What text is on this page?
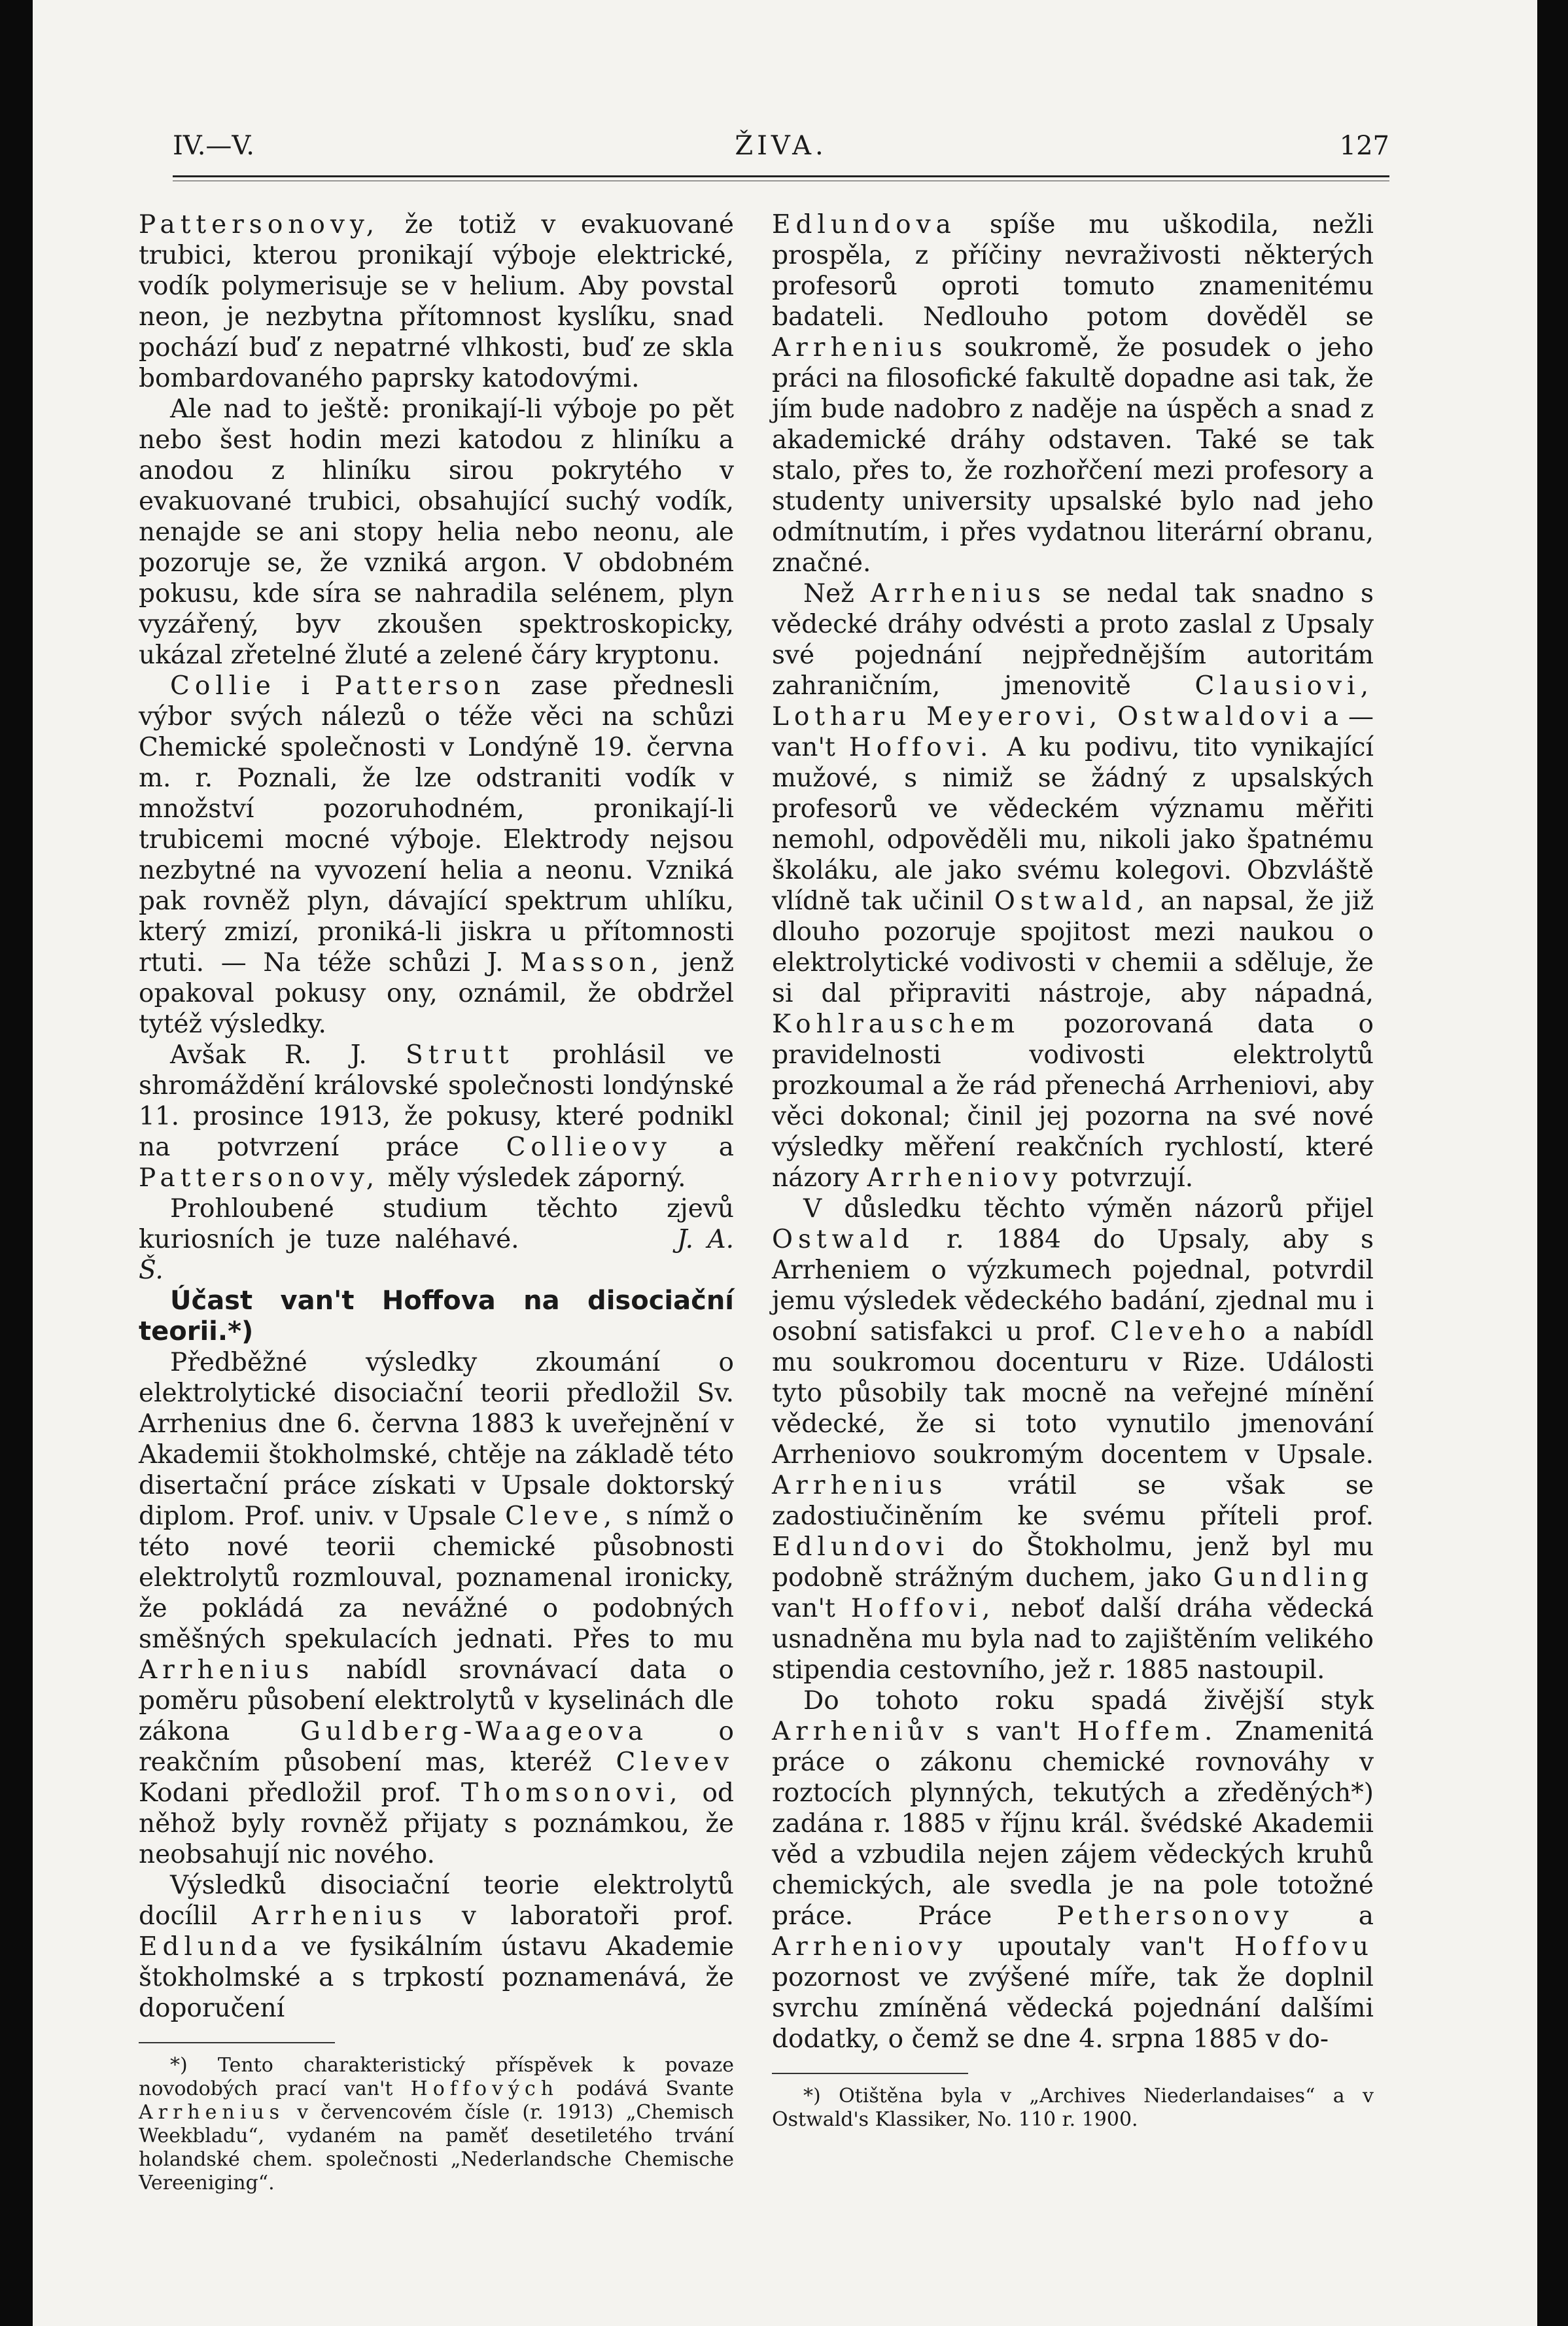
IV.—V.	ŽIVA.	127

Pattersonovy, že totiž v evakuované trubici, kterou pronikají výboje elektrické, vodík polymerisuje se v helium. Aby povstal neon, je nezbytna přítomnost kyslíku, snad pochází buď z nepatrné vlhkosti, buď ze skla bombardovaného paprsky katodovými.

Ale nad to ještě: pronikají-li výboje po pět nebo šest hodin mezi katodou z hliníku a anodou z hliníku sirou pokrytého v evakuované trubici, obsahující suchý vodík, nenajde se ani stopy helia nebo neonu, ale pozoruje se, že vzniká argon. V obdobném pokusu, kde síra se nahradila selénem, plyn vyzářený, byv zkoušen spektroskopicky, ukázal zřetelné žluté a zelené čáry kryptonu.

Collie i Patterson zase přednesli výbor svých nálezů o téže věci na schůzi Chemické společnosti v Londýně 19. června m. r. Poznali, že lze odstraniti vodík v množství pozoruhodném, pronikají-li trubicemi mocné výboje. Elektrody nejsou nezbytné na vyvození helia a neonu. Vzniká pak rovněž plyn, dávající spektrum uhlíku, který zmizí, proniká-li jiskra u přítomnosti rtuti. — Na téže schůzi J. Masson, jenž opakoval pokusy ony, oznámil, že obdržel tytéž výsledky.

Avšak R. J. Strutt prohlásil ve shromáždění královské společnosti londýnské 11. prosince 1913, že pokusy, které podnikl na potvrzení práce Collieovy a Pattersonovy, měly výsledek záporný.

Prohloubené studium těchto zjevů kuriosních je tuze naléhavé.	J. A. Š.

Účast van't Hoffova na disociační teorii.*)

Předběžné výsledky zkoumání o elektrolytické disociační teorii předložil Sv. Arrhenius dne 6. června 1883 k uveřejnění v Akademii štokholmské, chtěje na základě této disertační práce získati v Upsale doktorský diplom. Prof. univ. v Upsale Cleve, s nímž o této nové teorii chemické působnosti elektrolytů rozmlouval, poznamenal ironicky, že pokládá za nevážné o podobných směšných spekulacích jednati. Přes to mu Arrhenius nabídl srovnávací data o poměru působení elektrolytů v kyselinách dle zákona Guldberg-Waageova o reakčním působení mas, kteréž Clevev Kodani předložil prof. Thomsonovi, od něhož byly rovněž přijaty s poznámkou, že neobsahují nic nového.

Výsledků disociační teorie elektrolytů docílil Arrhenius v laboratoři prof. Edlunda ve fysikálním ústavu Akademie štokholmské a s trpkostí poznamenává, že doporučení

*) Tento charakteristický příspěvek k povaze novodobých prací van't Hoffových podává Svante Arrhenius v červencovém čísle (r. 1913) „Chemisch Weekbladu“, vydaném na paměť desetiletého trvání holandské chem. společnosti „Nederlandsche Chemische Vereeniging“.

Edlundova spíše mu uškodila, nežli prospěla, z příčiny nevraživosti některých profesorů oproti tomuto znamenitému badateli. Nedlouho potom dověděl se Arrhenius soukromě, že posudek o jeho práci na filosofické fakultě dopadne asi tak, že jím bude nadobro z naděje na úspěch a snad z akademické dráhy odstaven. Také se tak stalo, přes to, že rozhořčení mezi profesory a studenty university upsalské bylo nad jeho odmítnutím, i přes vydatnou literární obranu, značné.

Než Arrhenius se nedal tak snadno s vědecké dráhy odvésti a proto zaslal z Upsaly své pojednání nejpřednějším autoritám zahraničním, jmenovitě Clausiovi, Lotharu Meyerovi, Ostwaldovi a — van't Hoffovi. A ku podivu, tito vynikající mužové, s nimiž se žádný z upsalských profesorů ve vědeckém významu měřiti nemohl, odpověděli mu, nikoli jako špatnému školáku, ale jako svému kolegovi. Obzvláště vlídně tak učinil Ostwald, an napsal, že již dlouho pozoruje spojitost mezi naukou o elektrolytické vodivosti v chemii a sděluje, že si dal připraviti nástroje, aby nápadná, Kohlrauschem pozorovaná data o pravidelnosti vodivosti elektrolytů prozkoumal a že rád přenechá Arrheniovi, aby věci dokonal; činil jej pozorna na své nové výsledky měření reakčních rychlostí, které názory Arrheniovy potvrzují.

V důsledku těchto výměn názorů přijel Ostwald r. 1884 do Upsaly, aby s Arrheniem o výzkumech pojednal, potvrdil jemu výsledek vědeckého badání, zjednal mu i osobní satisfakci u prof. Cleveho a nabídl mu soukromou docenturu v Rize. Události tyto působily tak mocně na veřejné mínění vědecké, že si toto vynutilo jmenování Arrheniovo soukromým docentem v Upsale. Arrhenius vrátil se však se zadostiučiněním ke svému příteli prof. Edlundovi do Štokholmu, jenž byl mu podobně strážným duchem, jako Gundling van't Hoffovi, neboť další dráha vědecká usnadněna mu byla nad to zajištěním velikého stipendia cestovního, jež r. 1885 nastoupil.

Do tohoto roku spadá živější styk Arrheniův s van't Hoffem. Znamenitá práce o zákonu chemické rovnováhy v roztocích plynných, tekutých a zředěných*) zadána r. 1885 v říjnu král. švédské Akademii věd a vzbudila nejen zájem vědeckých kruhů chemických, ale svedla je na pole totožné práce. Práce Pethersonovy a Arrheniovy upoutaly van't Hoffovu pozornost ve zvýšené míře, tak že doplnil svrchu zmíněná vědecká pojednání dalšími dodatky, o čemž se dne 4. srpna 1885 v do-

*) Otištěna byla v „Archives Niederlandaises“ a v Ostwald's Klassiker, No. 110 r. 1900.
